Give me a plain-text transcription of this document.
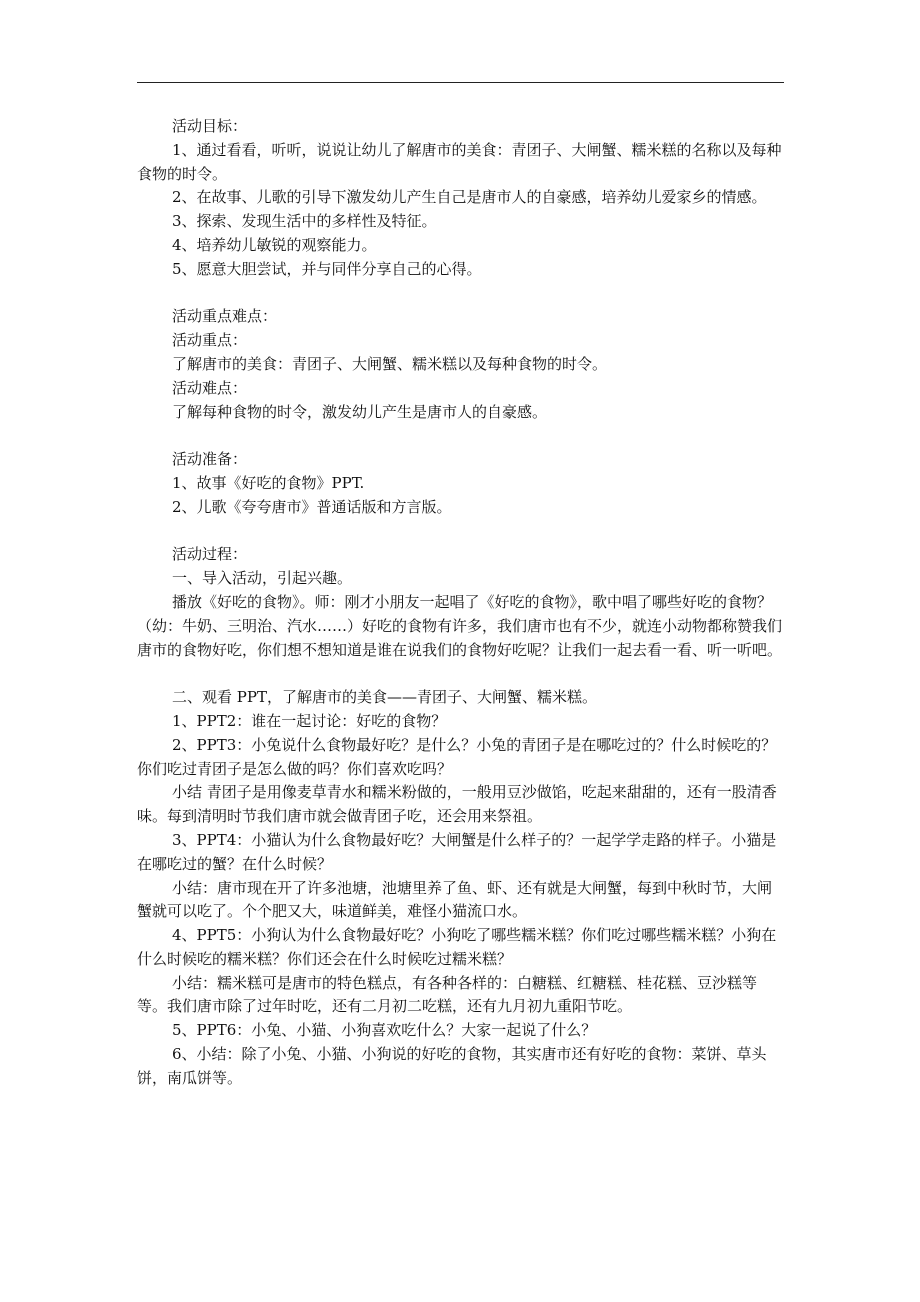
活动目标：

1、通过看看，听听，说说让幼儿了解唐市的美食：青团子、大闸蟹、糯米糕的名称以及每种食物的时令。

2、在故事、儿歌的引导下激发幼儿产生自己是唐市人的自豪感，培养幼儿爱家乡的情感。

3、探索、发现生活中的多样性及特征。

4、培养幼儿敏锐的观察能力。

5、愿意大胆尝试，并与同伴分享自己的心得。

活动重点难点：

活动重点：

了解唐市的美食：青团子、大闸蟹、糯米糕以及每种食物的时令。

活动难点：

了解每种食物的时令，激发幼儿产生是唐市人的自豪感。

活动准备：

1、故事《好吃的食物》PPT.

2、儿歌《夸夸唐市》普通话版和方言版。

活动过程：

一、导入活动，引起兴趣。

播放《好吃的食物》。师：刚才小朋友一起唱了《好吃的食物》，歌中唱了哪些好吃的食物？（幼：牛奶、三明治、汽水……）好吃的食物有许多，我们唐市也有不少，就连小动物都称赞我们唐市的食物好吃，你们想不想知道是谁在说我们的食物好吃呢？让我们一起去看一看、听一听吧。

二、观看 PPT，了解唐市的美食——青团子、大闸蟹、糯米糕。

1、PPT2：谁在一起讨论：好吃的食物？

2、PPT3：小兔说什么食物最好吃？是什么？小兔的青团子是在哪吃过的？什么时候吃的？你们吃过青团子是怎么做的吗？你们喜欢吃吗？

小结 青团子是用像麦草青水和糯米粉做的，一般用豆沙做馅，吃起来甜甜的，还有一股清香味。每到清明时节我们唐市就会做青团子吃，还会用来祭祖。

3、PPT4：小猫认为什么食物最好吃？大闸蟹是什么样子的？一起学学走路的样子。小猫是在哪吃过的蟹？在什么时候？

小结：唐市现在开了许多池塘，池塘里养了鱼、虾、还有就是大闸蟹，每到中秋时节，大闸蟹就可以吃了。个个肥又大，味道鲜美，难怪小猫流口水。

4、PPT5：小狗认为什么食物最好吃？小狗吃了哪些糯米糕？你们吃过哪些糯米糕？小狗在什么时候吃的糯米糕？你们还会在什么时候吃过糯米糕？

小结：糯米糕可是唐市的特色糕点，有各种各样的：白糖糕、红糖糕、桂花糕、豆沙糕等等。我们唐市除了过年时吃，还有二月初二吃糕，还有九月初九重阳节吃。

5、PPT6：小兔、小猫、小狗喜欢吃什么？大家一起说了什么？

6、小结：除了小兔、小猫、小狗说的好吃的食物，其实唐市还有好吃的食物：菜饼、草头饼，南瓜饼等。
